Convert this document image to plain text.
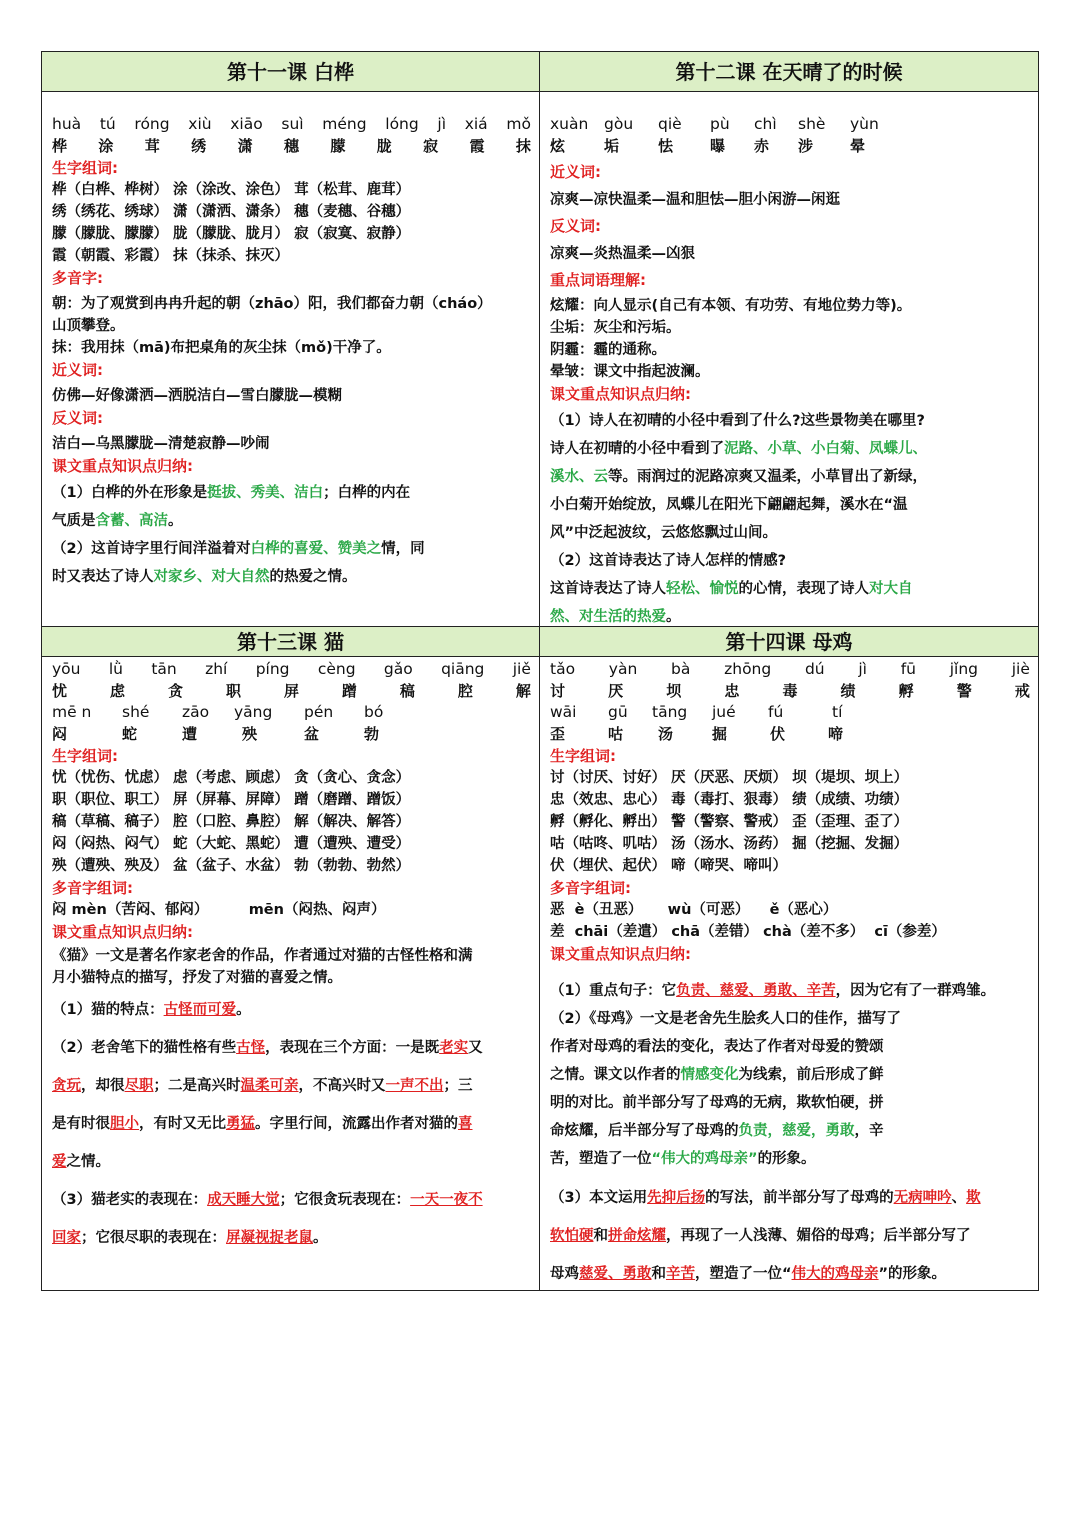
第十一课 白桦
huà tú róng xiù xiāo suì méng lóng jì xiá mǒ
桦 涂 茸 绣 潇 穗 朦 胧 寂 霞 抹
生字组词:
桦（白桦、桦树） 涂（涂改、涂色） 茸（松茸、鹿茸）
绣（绣花、绣球） 潇（潇洒、潇条） 穗（麦穗、谷穗）
朦（朦胧、朦朦） 胧（朦胧、胧月） 寂（寂寞、寂静）
霞（朝霞、彩霞） 抹（抹杀、抹灭）
多音字:
朝：为了观赏到冉冉升起的朝（zhāo）阳，我们都奋力朝（cháo）
山顶攀登。
抹：我用抹（mā)布把桌角的灰尘抹（mǒ)干净了。
近义词:
仿佛—好像潇洒—洒脱洁白—雪白朦胧—模糊
反义词:
洁白—乌黑朦胧—清楚寂静—吵闹
课文重点知识点归纳:
（1）白桦的外在形象是挺拔、秀美、洁白；白桦的内在
气质是含蓄、高洁。
（2）这首诗字里行间洋溢着对白桦的喜爱、赞美之情，同
时又表达了诗人对家乡、对大自然的热爱之情。
第十二课 在天晴了的时候
xuàn	gòu	qiè	pù	chì	shè	yùn
炫	垢	怯	曝	赤	涉	晕
近义词:
凉爽—凉快温柔—温和胆怯—胆小闲游—闲逛
反义词:
凉爽—炎热温柔—凶狠
重点词语理解:
炫耀：向人显示(自己有本领、有功劳、有地位势力等)。
尘垢：灰尘和污垢。
阴霾：霾的通称。
晕皱：课文中指起波澜。
课文重点知识点归纳:
（1）诗人在初晴的小径中看到了什么?这些景物美在哪里?
诗人在初晴的小径中看到了泥路、小草、小白菊、凤蝶儿、
溪水、云等。雨润过的泥路凉爽又温柔，小草冒出了新绿，
小白菊开始绽放，凤蝶儿在阳光下翩翩起舞，溪水在“温
风”中泛起波纹，云悠悠飘过山间。
（2）这首诗表达了诗人怎样的情感?
这首诗表达了诗人轻松、愉悦的心情，表现了诗人对大自
然、对生活的热爱。
第十三课 猫
yōu lǜ tān zhí píng cèng gǎo qiāng jiě
忧	虑	贪	职	屏	蹭	稿	腔	解
mē n	shé	zāo	yāng	pén	bó
闷	蛇	遭	殃	盆	勃
生字组词:
忧（忧伤、忧虑） 虑（考虑、顾虑） 贪（贪心、贪念）
职（职位、职工） 屏（屏幕、屏障） 蹭（磨蹭、蹭饭）
稿（草稿、稿子） 腔（口腔、鼻腔） 解（解决、解答）
闷（闷热、闷气） 蛇（大蛇、黑蛇） 遭（遭殃、遭受）
殃（遭殃、殃及） 盆（盆子、水盆） 勃（勃勃、勃然）
多音字组词:
闷 mèn（苦闷、郁闷）        mēn（闷热、闷声）
课文重点知识点归纳:
《猫》一文是著名作家老舍的作品，作者通过对猫的古怪性格和满
月小猫特点的描写，抒发了对猫的喜爱之情。
（1）猫的特点：古怪而可爱。
（2）老舍笔下的猫性格有些古怪，表现在三个方面：一是既老实又
贪玩，却很尽职；二是高兴时温柔可亲，不高兴时又一声不出；三
是有时很胆小，有时又无比勇猛。字里行间，流露出作者对猫的喜
爱之情。
（3）猫老实的表现在：成天睡大觉；它很贪玩表现在：一天一夜不
回家；它很尽职的表现在：屏凝视捉老鼠。
第十四课 母鸡
tǎo yàn bà zhōng dú jì fū jǐng jiè
讨	厌	坝	忠	毒	绩	孵	警	戒
wāi	gū	tāng	jué	fú	tí
歪	咕	汤	掘	伏	啼
生字组词:
讨（讨厌、讨好） 厌（厌恶、厌烦） 坝（堤坝、坝上）
忠（效忠、忠心） 毒（毒打、狠毒） 绩（成绩、功绩）
孵（孵化、孵出） 警（警察、警戒） 歪（歪理、歪了）
咕（咕咚、叽咕） 汤（汤水、汤药） 掘（挖掘、发掘）
伏（埋伏、起伏） 啼（啼哭、啼叫）
多音字组词:
恶  è（丑恶）     wù（可恶）    ě（恶心）
差  chāi（差遣） chā（差错） chà（差不多）  cī（参差）
课文重点知识点归纳:
（1）重点句子：它负责、慈爱、勇敢、辛苦，因为它有了一群鸡雏。
（2）《母鸡》一文是老舍先生脍炙人口的佳作，描写了
作者对母鸡的看法的变化，表达了作者对母爱的赞颂
之情。课文以作者的情感变化为线索，前后形成了鲜
明的对比。前半部分写了母鸡的无病，欺软怕硬，拼
命炫耀，后半部分写了母鸡的负责，慈爱，勇敢，辛
苦，塑造了一位“伟大的鸡母亲”的形象。
（3）本文运用先抑后扬的写法，前半部分写了母鸡的无病呻吟、欺
软怕硬和拼命炫耀，再现了一人浅薄、媚俗的母鸡；后半部分写了
母鸡慈爱、勇敢和辛苦，塑造了一位“伟大的鸡母亲”的形象。
